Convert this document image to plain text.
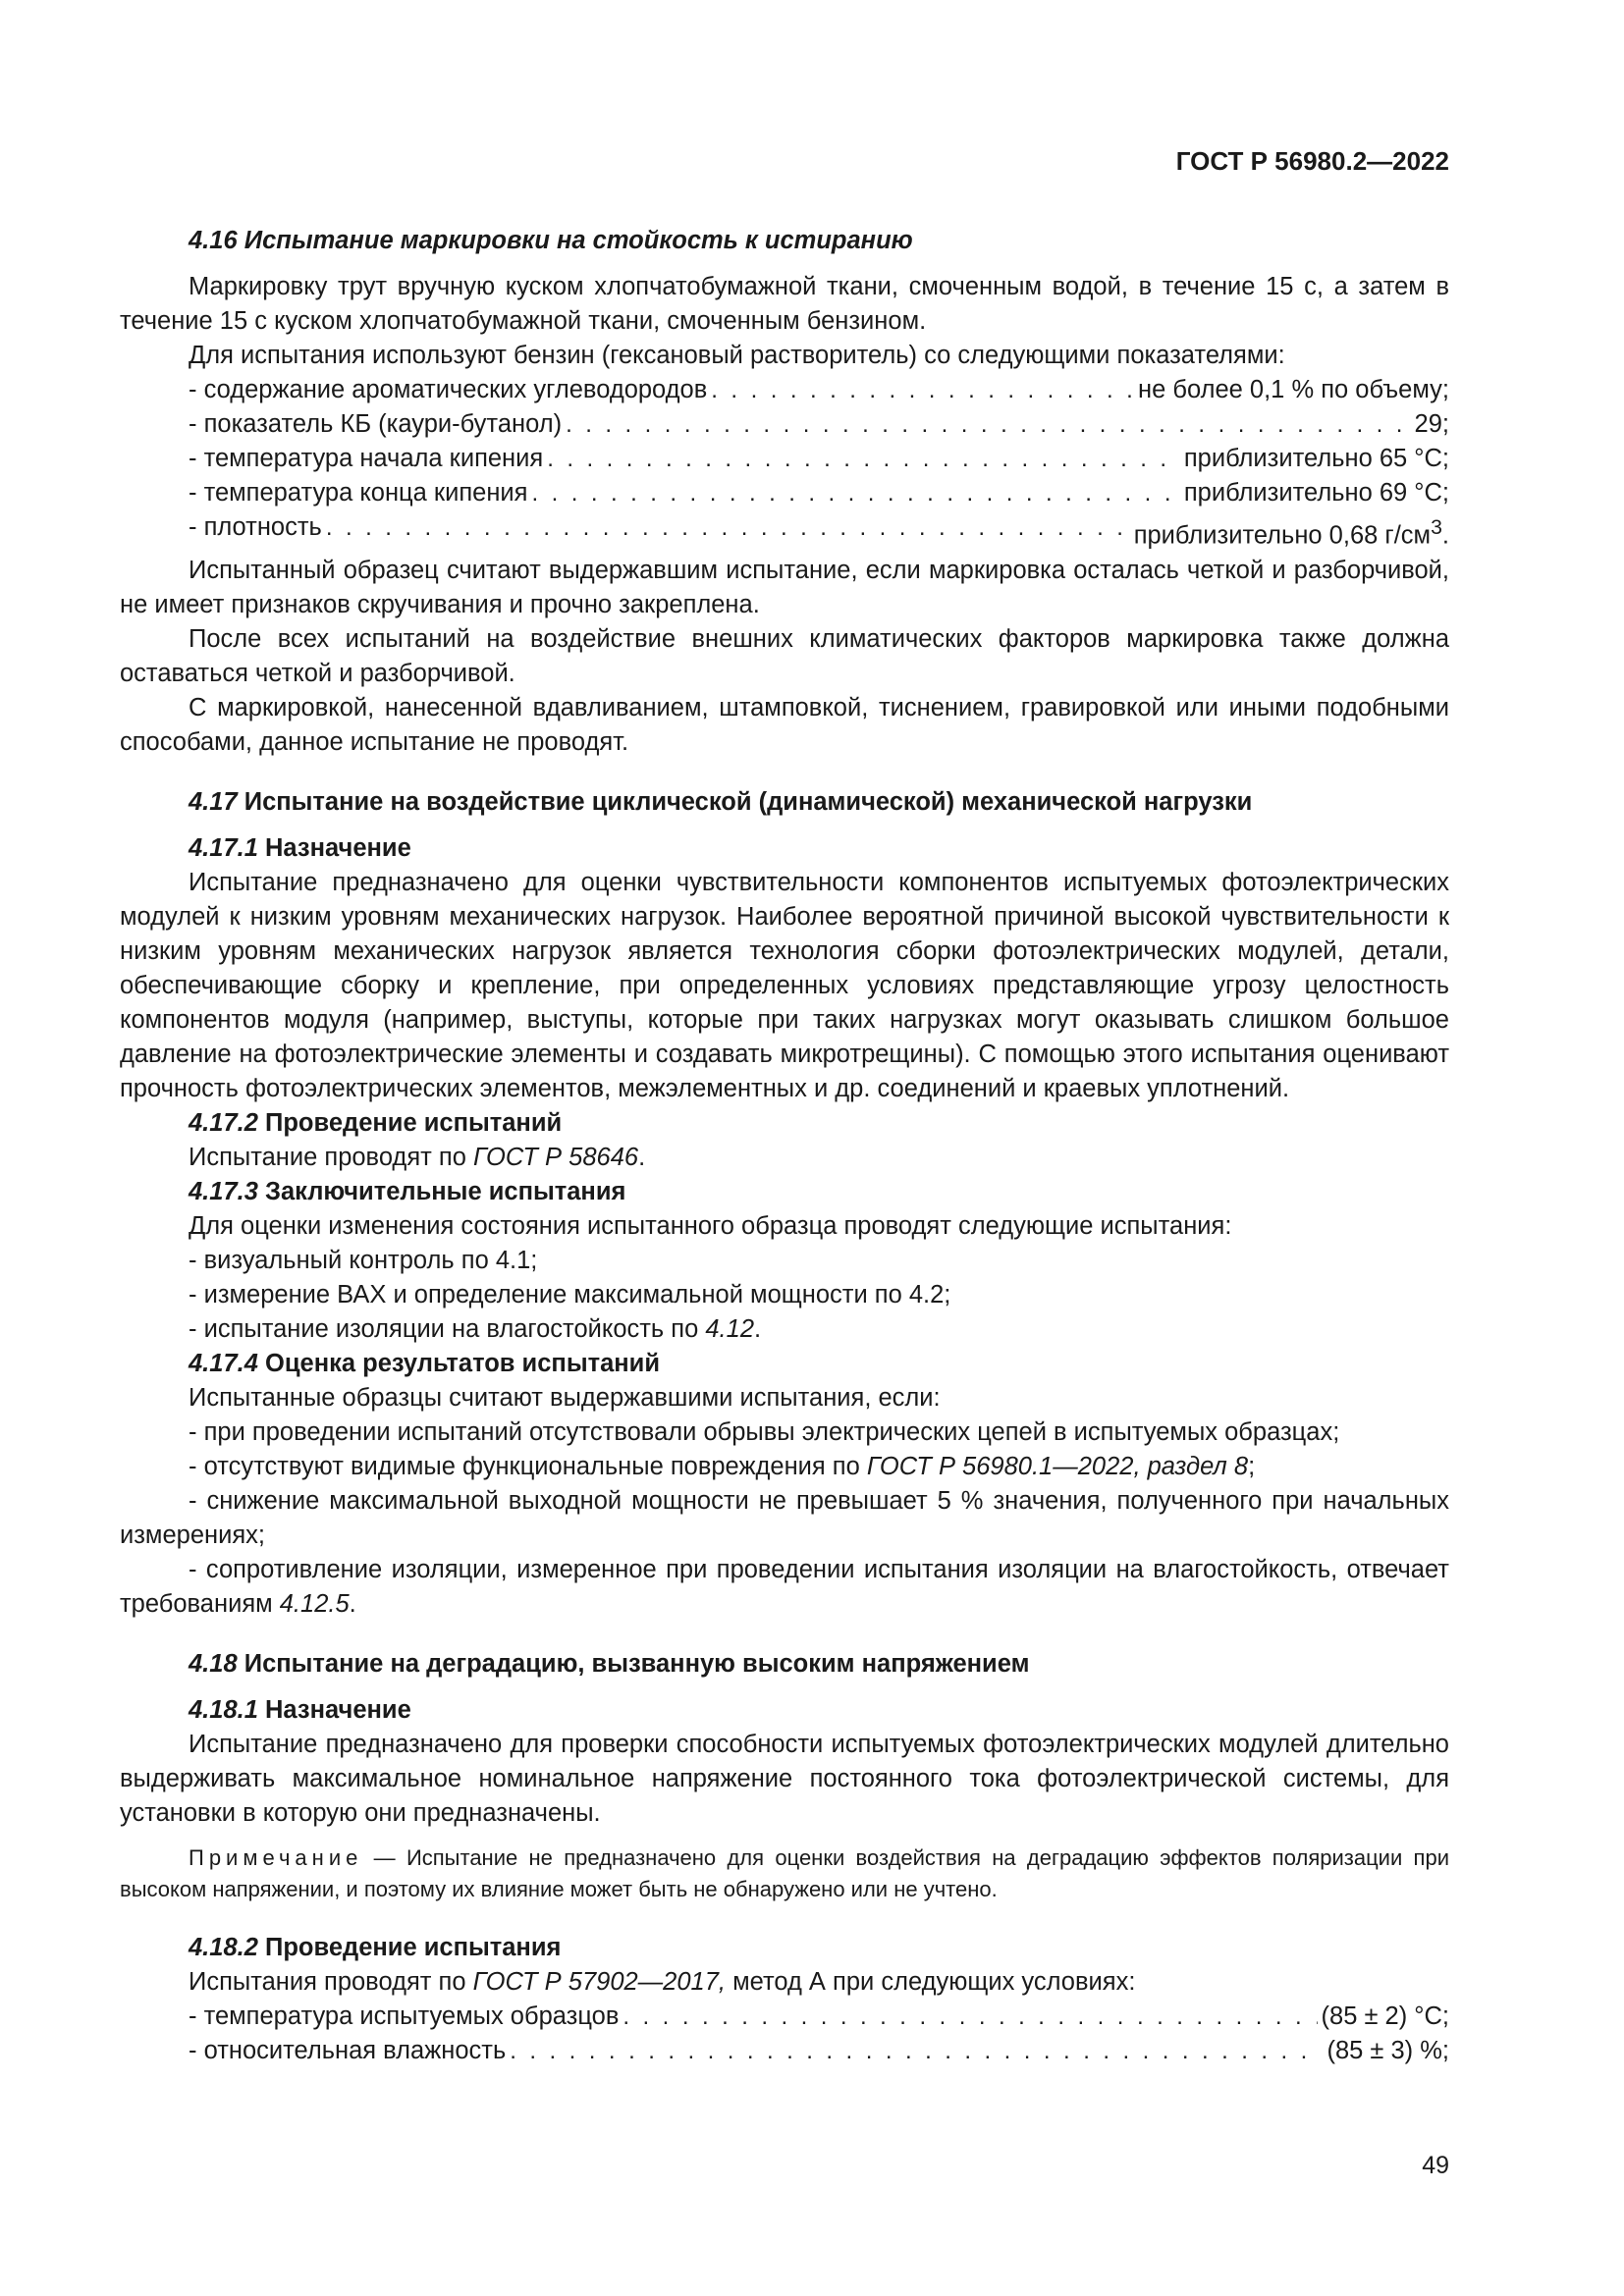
ГОСТ Р 56980.2—2022

4.16 Испытание маркировки на стойкость к истиранию

Маркировку трут вручную куском хлопчатобумажной ткани, смоченным водой, в течение 15 с, а затем в течение 15 с куском хлопчатобумажной ткани, смоченным бензином.

Для испытания используют бензин (гексановый растворитель) со следующими показателями:

- содержание ароматических углеводородов . . .	не более 0,1 % по объему;
- показатель КБ (каури-бутанол) . . .	29;
- температура начала кипения . . .	приблизительно 65 °С;
- температура конца кипения . . .	приблизительно 69 °С;
- плотность . . .	приблизительно 0,68 $г/см^3$.

Испытанный образец считают выдержавшим испытание, если маркировка осталась четкой и разборчивой, не имеет признаков скручивания и прочно закреплена.

После всех испытаний на воздействие внешних климатических факторов маркировка также должна оставаться четкой и разборчивой.

С маркировкой, нанесенной вдавливанием, штамповкой, тиснением, гравировкой или иными подобными способами, данное испытание не проводят.

4.17 Испытание на воздействие циклической (динамической) механической нагрузки

4.17.1 Назначение

Испытание предназначено для оценки чувствительности компонентов испытуемых фотоэлектрических модулей к низким уровням механических нагрузок. Наиболее вероятной причиной высокой чувствительности к низким уровням механических нагрузок является технология сборки фотоэлектрических модулей, детали, обеспечивающие сборку и крепление, при определенных условиях представляющие угрозу целостность компонентов модуля (например, выступы, которые при таких нагрузках могут оказывать слишком большое давление на фотоэлектрические элементы и создавать микротрещины). С помощью этого испытания оценивают прочность фотоэлектрических элементов, межэлементных и др. соединений и краевых уплотнений.

4.17.2 Проведение испытаний

Испытание проводят по ГОСТ Р 58646.

4.17.3 Заключительные испытания

Для оценки изменения состояния испытанного образца проводят следующие испытания:

- визуальный контроль по 4.1;

- измерение ВАХ и определение максимальной мощности по 4.2;

- испытание изоляции на влагостойкость по 4.12.

4.17.4 Оценка результатов испытаний

Испытанные образцы считают выдержавшими испытания, если:

- при проведении испытаний отсутствовали обрывы электрических цепей в испытуемых образцах;

- отсутствуют видимые функциональные повреждения по ГОСТ Р 56980.1—2022, раздел 8;

- снижение максимальной выходной мощности не превышает 5 % значения, полученного при начальных измерениях;

- сопротивление изоляции, измеренное при проведении испытания изоляции на влагостойкость, отвечает требованиям 4.12.5.

4.18 Испытание на деградацию, вызванную высоким напряжением

4.18.1 Назначение

Испытание предназначено для проверки способности испытуемых фотоэлектрических модулей длительно выдерживать максимальное номинальное напряжение постоянного тока фотоэлектрической системы, для установки в которую они предназначены.

Примечание — Испытание не предназначено для оценки воздействия на деградацию эффектов поляризации при высоком напряжении, и поэтому их влияние может быть не обнаружено или не учтено.

4.18.2 Проведение испытания

Испытания проводят по ГОСТ Р 57902—2017, метод А при следующих условиях:

- температура испытуемых образцов . . .	(85 ± 2) °С;
- относительная влажность . . .	(85 ± 3) %;
49
